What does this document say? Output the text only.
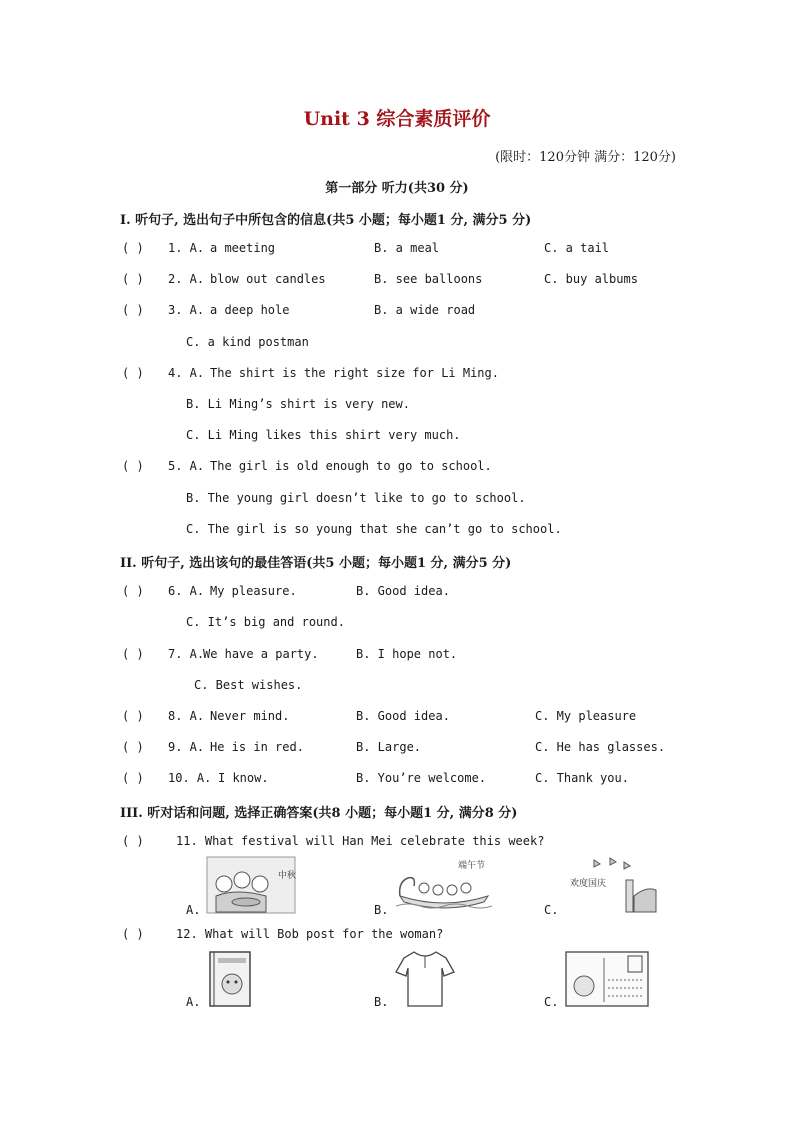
Unit 3 综合素质评价
(限时：120分钟 满分：120分)
第一部分 听力(共30 分)
I. 听句子, 选出句子中所包含的信息(共5 小题；每小题1 分, 满分5 分)
( ) 1. A. a meeting	B. a meal	C. a tail
( ) 2. A. blow out candles	B. see balloons	C. buy albums
( ) 3. A. a deep hole	B. a wide road
C. a kind postman
( ) 4. A. The shirt is the right size for Li Ming.
B. Li Ming’s shirt is very new.
C. Li Ming likes this shirt very much.
( ) 5. A. The girl is old enough to go to school.
B. The young girl doesn’t like to go to school.
C. The girl is so young that she can’t go to school.
II. 听句子, 选出该句的最佳答语(共5 小题；每小题1 分, 满分5 分)
( ) 6. A. My pleasure.	B. Good idea.
C. It’s big and round.
( ) 7. A.
We have a party.	B. I hope not.
C. Best wishes.
( ) 8. A. Never mind.	B. Good idea.	C. My pleasure
( ) 9. A. He is in red.	B. Large.	C. He has glasses.
( ) 10. A. I know.	B. You’re welcome.	C. Thank you.
III. 听对话和问题, 选择正确答案(共8 小题；每小题1 分, 满分8 分)
( )	11. What festival will Han Mei celebrate this week?
A.
中秋
B.
端午节
C.
欢度国庆
( )	12. What will Bob post for the woman?
A.	B.	C.
